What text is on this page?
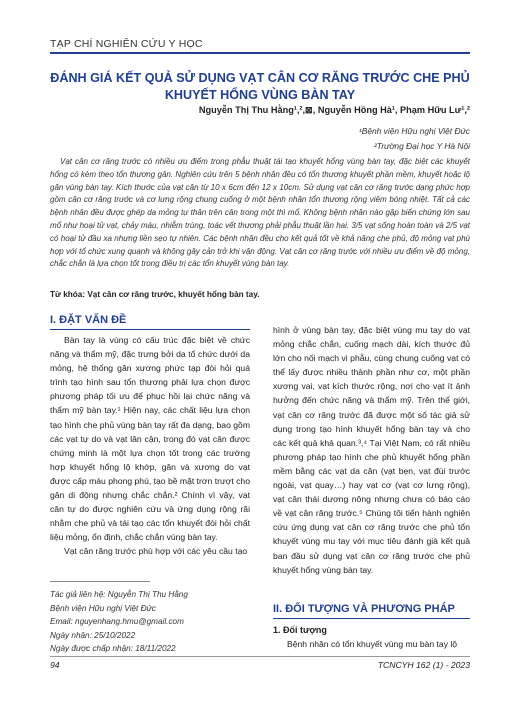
TẠP CHÍ NGHIÊN CỨU Y HỌC
ĐÁNH GIÁ KẾT QUẢ SỬ DỤNG VẠT CÂN CƠ RĂNG TRƯỚC CHE PHỦ KHUYẾT HỔNG VÙNG BÀN TAY
Nguyễn Thị Thu Hằng¹,²,⊠, Nguyễn Hồng Hà¹, Phạm Hữu Lư¹,²
¹Bệnh viện Hữu nghị Việt Đức
²Trường Đại học Y Hà Nội
Vạt cân cơ răng trước có nhiều ưu điểm trong phẫu thuật tái tạo khuyết hổng vùng bàn tay, đặc biệt các khuyết hổng có kèm theo tổn thương gân. Nghiên cứu trên 5 bệnh nhân đều có tổn thương khuyết phần mềm, khuyết hoặc lộ gân vùng bàn tay. Kích thước của vạt cân từ 10 x 6cm đến 12 x 10cm. Sử dụng vạt cân cơ răng trước dạng phức hợp gồm cân cơ răng trước và cơ lưng rộng chung cuống ở một bệnh nhân tổn thương rộng viêm bóng nhiệt. Tất cả các bệnh nhân đều được ghép da mỏng tự thân trên cân trong một thì mổ. Không bệnh nhân nào gặp biến chứng lớn sau mổ như hoại tử vạt, chảy máu, nhiễm trùng, toác vết thương phải phẫu thuật lần hai. 3/5 vạt sống hoàn toàn và 2/5 vạt có hoại tử đầu xa nhưng liền sẹo tự nhiên. Các bệnh nhân đều cho kết quả tốt về khả năng che phủ, độ mỏng vạt phù hợp với tổ chức xung quanh và không gây cản trở khi vận động. Vạt cân cơ răng trước với nhiều ưu điểm về độ mỏng, chắc chắn là lựa chọn tốt trong điều trị các tổn khuyết vùng bàn tay.
Từ khóa: Vạt cân cơ răng trước, khuyết hổng bàn tay.
I. ĐẶT VẤN ĐỀ

Bàn tay là vùng có cấu trúc đặc biệt về chức năng và thẩm mỹ, đặc trưng bởi da tổ chức dưới da mỏng, hệ thống gân xương phức tạp đòi hỏi quá trình tạo hình sau tổn thương phải lựa chọn được phương pháp tối ưu để phục hồi lại chức năng và thẩm mỹ bàn tay.¹ Hiện nay, các chất liệu lựa chọn tạo hình che phủ vùng bàn tay rất đa dạng, bao gồm các vạt tự do và vạt lân cận, trong đó vạt cân được chứng minh là một lựa chọn tốt trong các trường hợp khuyết hổng lộ khớp, gân và xương do vạt được cấp máu phong phú, tạo bề mặt trơn trượt cho gân di động nhưng chắc chắn.² Chính vì vậy, vạt cân tự do được nghiên cứu và ứng dụng rộng rãi nhằm che phủ và tái tạo các tổn khuyết đòi hỏi chất liệu mỏng, ổn định, chắc chắn vùng bàn tay.

Vạt cân răng trước phù hợp với các yêu cầu tạo

hình ở vùng bàn tay, đặc biệt vùng mu tay do vạt mỏng chắc chắn, cuống mạch dài, kích thước đủ lớn cho nối mạch vi phẫu, cùng chung cuống vạt có thể lấy được nhiều thành phần như cơ, một phần xương vai, vạt kích thước rộng, nơi cho vạt ít ảnh hưởng đến chức năng và thẩm mỹ. Trên thế giới, vạt cân cơ răng trước đã được một số tác giả sử dụng trong tạo hình khuyết hổng bàn tay và cho các kết quả khả quan.³,⁴ Tại Việt Nam, có rất nhiều phương pháp tạo hình che phủ khuyết hổng phần mềm bằng các vạt da cân (vạt bẹn, vạt đùi trước ngoài, vạt quay…) hay vạt cơ (vạt cơ lưng rộng), vạt cân thái dương nông nhưng chưa có báo cáo về vạt cân răng trước.⁵ Chúng tôi tiến hành nghiên cứu ứng dụng vạt cân cơ răng trước che phủ tổn khuyết vùng mu tay với mục tiêu đánh giá kết quả ban đầu sử dụng vạt cân cơ răng trước che phủ khuyết hổng vùng bàn tay.

II. ĐỐI TƯỢNG VÀ PHƯƠNG PHÁP
1. Đối tượng

Bệnh nhân có tổn khuyết vùng mu bàn tay lộ

Tác giả liên hệ: Nguyễn Thị Thu Hằng
Bệnh viện Hữu nghị Việt Đức
Email: nguyenhang.hmu@gmail.com
Ngày nhận: 25/10/2022
Ngày được chấp nhận: 18/11/2022
94	TCNCYH 162 (1) - 2023
